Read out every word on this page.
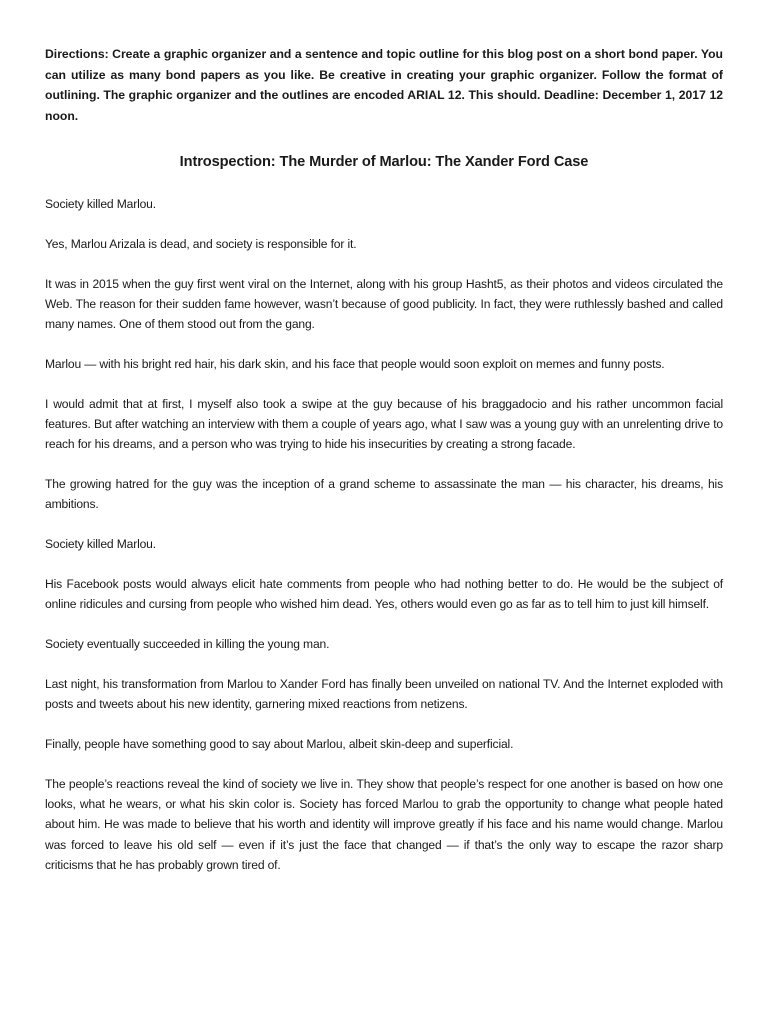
Directions: Create a graphic organizer and a sentence and topic outline for this blog post on a short bond paper. You can utilize as many bond papers as you like. Be creative in creating your graphic organizer. Follow the format of outlining. The graphic organizer and the outlines are encoded ARIAL 12. This should. Deadline: December 1, 2017 12 noon.

Introspection: The Murder of Marlou: The Xander Ford Case

Society killed Marlou.

Yes, Marlou Arizala is dead, and society is responsible for it.

It was in 2015 when the guy first went viral on the Internet, along with his group Hasht5, as their photos and videos circulated the Web. The reason for their sudden fame however, wasn’t because of good publicity. In fact, they were ruthlessly bashed and called many names. One of them stood out from the gang.

Marlou — with his bright red hair, his dark skin, and his face that people would soon exploit on memes and funny posts.

I would admit that at first, I myself also took a swipe at the guy because of his braggadocio and his rather uncommon facial features. But after watching an interview with them a couple of years ago, what I saw was a young guy with an unrelenting drive to reach for his dreams, and a person who was trying to hide his insecurities by creating a strong facade.

The growing hatred for the guy was the inception of a grand scheme to assassinate the man — his character, his dreams, his ambitions.

Society killed Marlou.

His Facebook posts would always elicit hate comments from people who had nothing better to do. He would be the subject of online ridicules and cursing from people who wished him dead. Yes, others would even go as far as to tell him to just kill himself.

Society eventually succeeded in killing the young man.

Last night, his transformation from Marlou to Xander Ford has finally been unveiled on national TV. And the Internet exploded with posts and tweets about his new identity, garnering mixed reactions from netizens.

Finally, people have something good to say about Marlou, albeit skin-deep and superficial.

The people’s reactions reveal the kind of society we live in. They show that people’s respect for one another is based on how one looks, what he wears, or what his skin color is. Society has forced Marlou to grab the opportunity to change what people hated about him. He was made to believe that his worth and identity will improve greatly if his face and his name would change. Marlou was forced to leave his old self — even if it’s just the face that changed — if that’s the only way to escape the razor sharp criticisms that he has probably grown tired of.
